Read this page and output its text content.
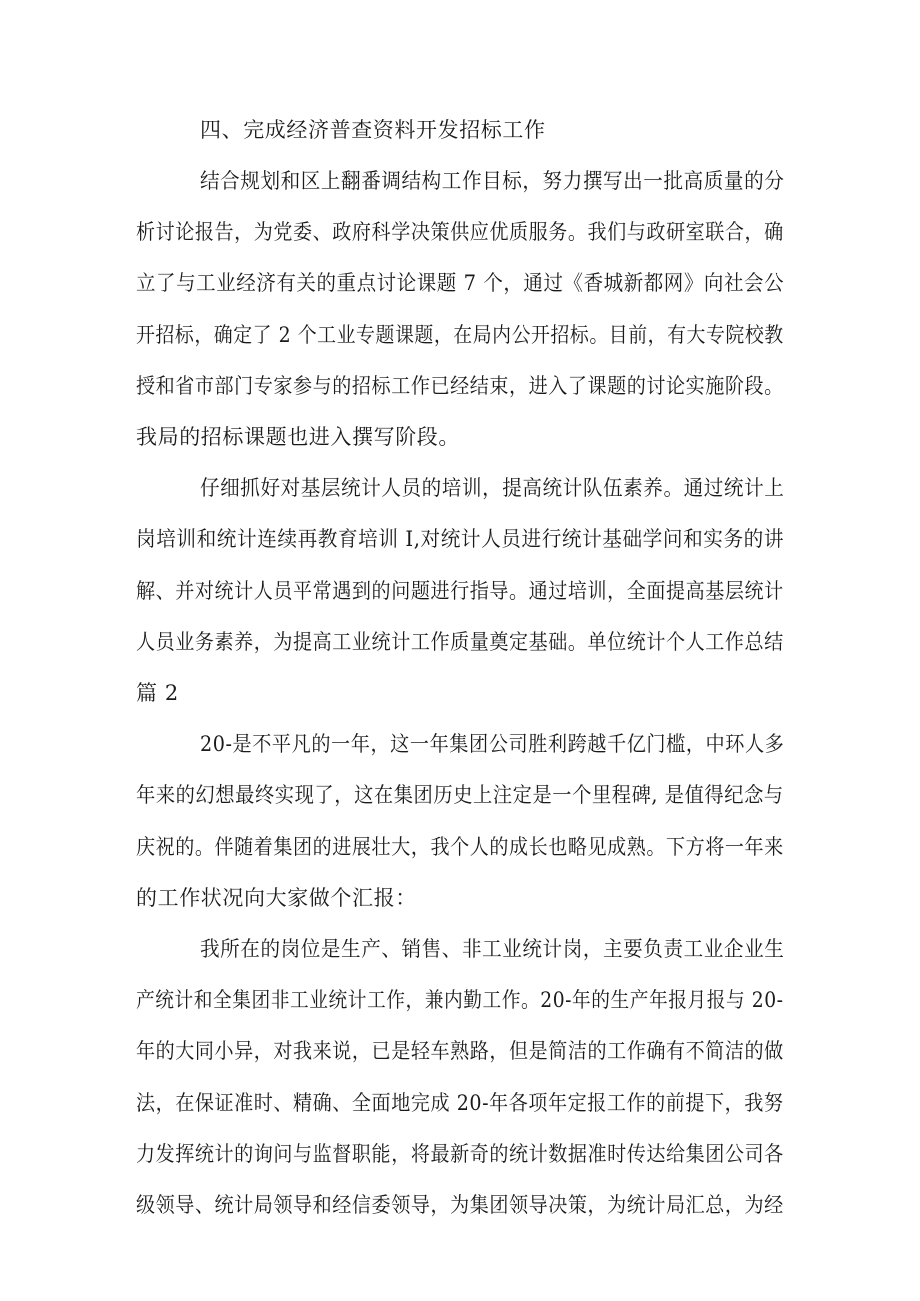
四、完成经济普查资料开发招标工作
结合规划和区上翻番调结构工作目标，努力撰写出一批高质量的分
析讨论报告，为党委、政府科学决策供应优质服务。我们与政研室联合，确
立了与工业经济有关的重点讨论课题 7 个，通过《香城新都网》向社会公
开招标，确定了 2 个工业专题课题，在局内公开招标。目前，有大专院校教
授和省市部门专家参与的招标工作已经结束，进入了课题的讨论实施阶段。
我局的招标课题也进入撰写阶段。
仔细抓好对基层统计人员的培训，提高统计队伍素养。通过统计上
岗培训和统计连续再教育培训 I,对统计人员进行统计基础学问和实务的讲
解、并对统计人员平常遇到的问题进行指导。通过培训，全面提高基层统计
人员业务素养，为提高工业统计工作质量奠定基础。单位统计个人工作总结
篇 2
20-是不平凡的一年，这一年集团公司胜利跨越千亿门槛，中环人多
年来的幻想最终实现了，这在集团历史上注定是一个里程碑, 是值得纪念与
庆祝的。伴随着集团的进展壮大，我个人的成长也略见成熟。下方将一年来
的工作状况向大家做个汇报：
我所在的岗位是生产、销售、非工业统计岗，主要负责工业企业生
产统计和全集团非工业统计工作，兼内勤工作。20-年的生产年报月报与 20-
年的大同小异，对我来说，已是轻车熟路，但是简洁的工作确有不简洁的做
法，在保证准时、精确、全面地完成 20-年各项年定报工作的前提下，我努
力发挥统计的询问与监督职能，将最新奇的统计数据准时传达给集团公司各
级领导、统计局领导和经信委领导，为集团领导决策，为统计局汇总，为经
